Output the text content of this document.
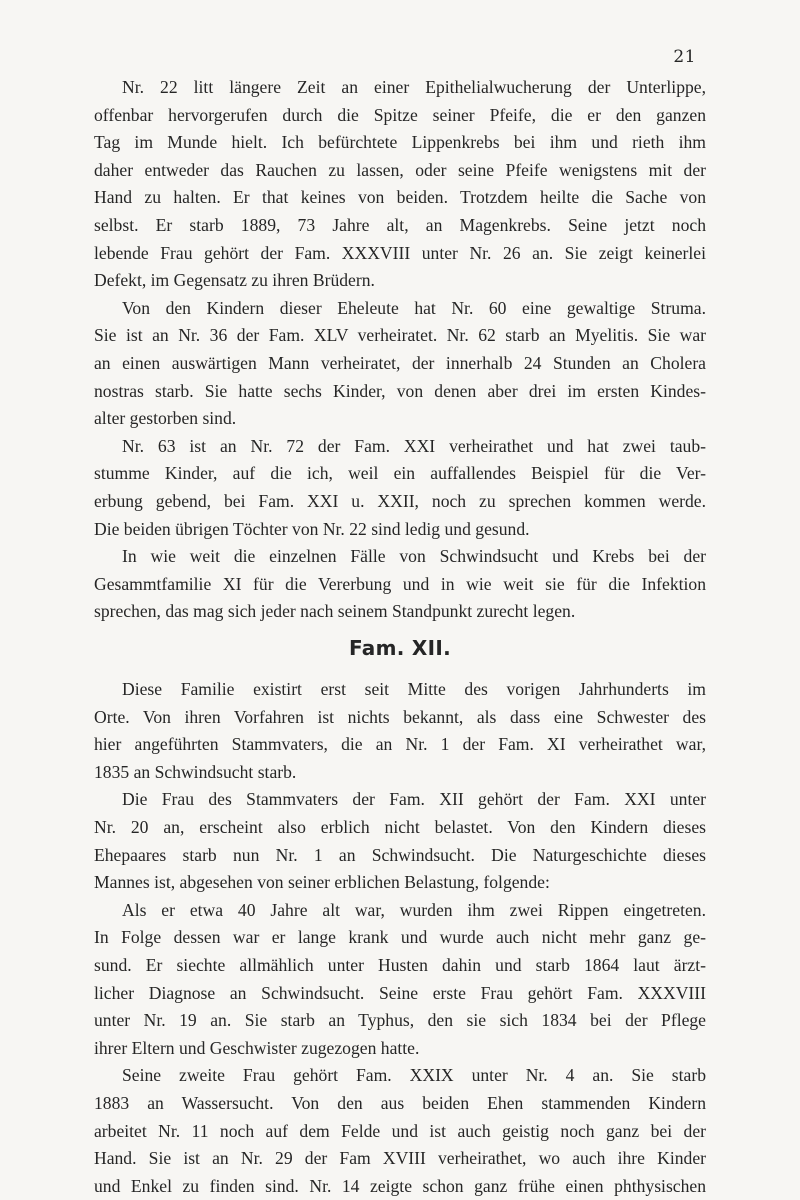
21
Nr. 22 litt längere Zeit an einer Epithelialwucherung der Unterlippe,
offenbar hervorgerufen durch die Spitze seiner Pfeife, die er den ganzen
Tag im Munde hielt. Ich befürchtete Lippenkrebs bei ihm und rieth ihm
daher entweder das Rauchen zu lassen, oder seine Pfeife wenigstens mit der
Hand zu halten. Er that keines von beiden. Trotzdem heilte die Sache von
selbst. Er starb 1889, 73 Jahre alt, an Magenkrebs. Seine jetzt noch
lebende Frau gehört der Fam. XXXVIII unter Nr. 26 an. Sie zeigt keinerlei
Defekt, im Gegensatz zu ihren Brüdern.
Von den Kindern dieser Eheleute hat Nr. 60 eine gewaltige Struma.
Sie ist an Nr. 36 der Fam. XLV verheiratet. Nr. 62 starb an Myelitis. Sie war
an einen auswärtigen Mann verheiratet, der innerhalb 24 Stunden an Cholera
nostras starb. Sie hatte sechs Kinder, von denen aber drei im ersten Kindes-
alter gestorben sind.
Nr. 63 ist an Nr. 72 der Fam. XXI verheirathet und hat zwei taub-
stumme Kinder, auf die ich, weil ein auffallendes Beispiel für die Ver-
erbung gebend, bei Fam. XXI u. XXII, noch zu sprechen kommen werde.
Die beiden übrigen Töchter von Nr. 22 sind ledig und gesund.
In wie weit die einzelnen Fälle von Schwindsucht und Krebs bei der
Gesammtfamilie XI für die Vererbung und in wie weit sie für die Infektion
sprechen, das mag sich jeder nach seinem Standpunkt zurecht legen.
Fam. XII.
Diese Familie existirt erst seit Mitte des vorigen Jahrhunderts im
Orte. Von ihren Vorfahren ist nichts bekannt, als dass eine Schwester des
hier angeführten Stammvaters, die an Nr. 1 der Fam. XI verheirathet war,
1835 an Schwindsucht starb.
Die Frau des Stammvaters der Fam. XII gehört der Fam. XXI unter
Nr. 20 an, erscheint also erblich nicht belastet. Von den Kindern dieses
Ehepaares starb nun Nr. 1 an Schwindsucht. Die Naturgeschichte dieses
Mannes ist, abgesehen von seiner erblichen Belastung, folgende:
Als er etwa 40 Jahre alt war, wurden ihm zwei Rippen eingetreten.
In Folge dessen war er lange krank und wurde auch nicht mehr ganz ge-
sund. Er siechte allmählich unter Husten dahin und starb 1864 laut ärzt-
licher Diagnose an Schwindsucht. Seine erste Frau gehört Fam. XXXVIII
unter Nr. 19 an. Sie starb an Typhus, den sie sich 1834 bei der Pflege
ihrer Eltern und Geschwister zugezogen hatte.
Seine zweite Frau gehört Fam. XXIX unter Nr. 4 an. Sie starb
1883 an Wassersucht. Von den aus beiden Ehen stammenden Kindern
arbeitet Nr. 11 noch auf dem Felde und ist auch geistig noch ganz bei der
Hand. Sie ist an Nr. 29 der Fam XVIII verheirathet, wo auch ihre Kinder
und Enkel zu finden sind. Nr. 14 zeigte schon ganz frühe einen phthysischen
